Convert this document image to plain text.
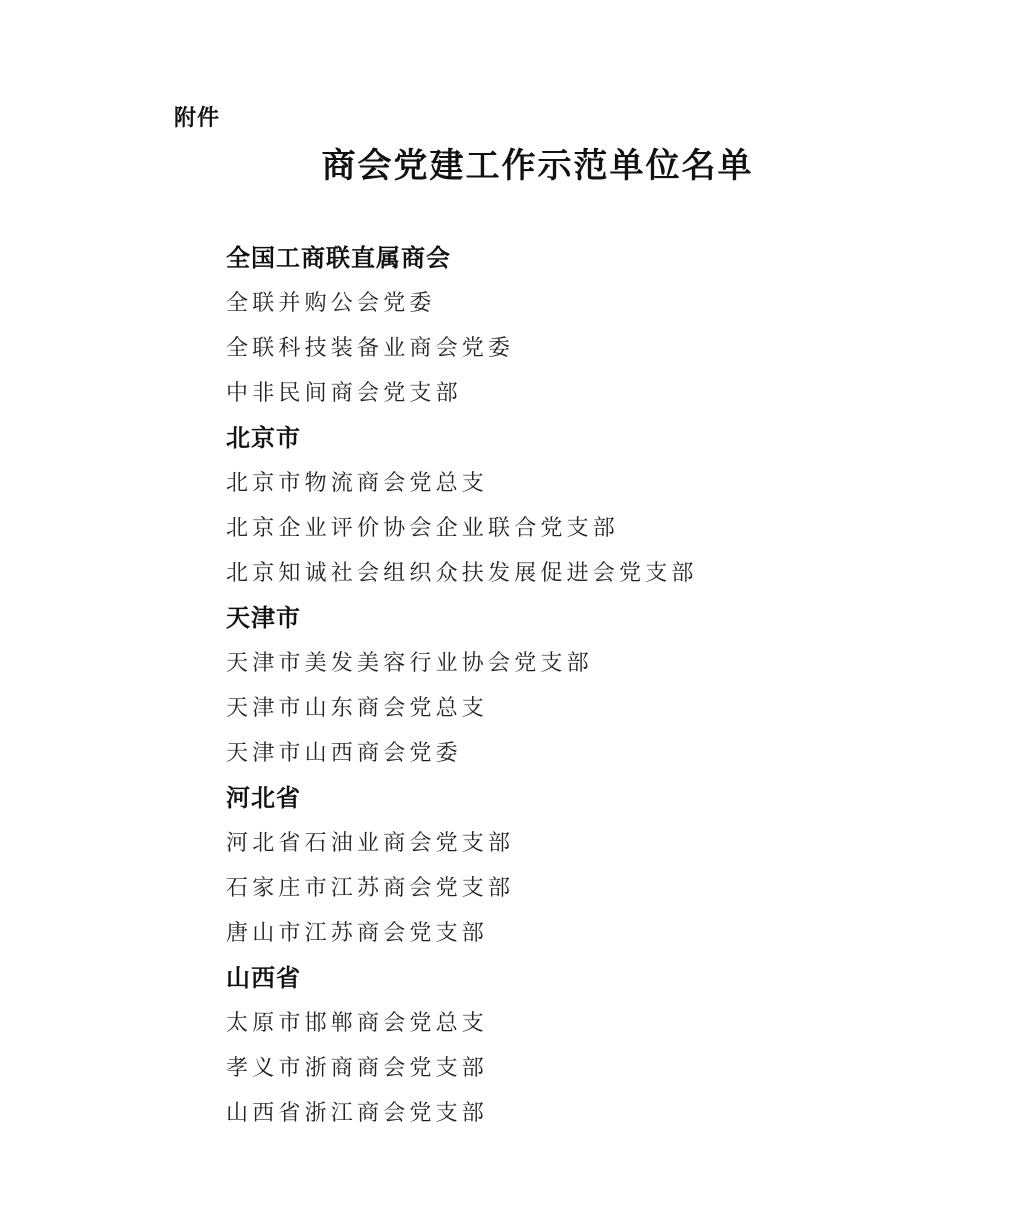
附件
商会党建工作示范单位名单
全国工商联直属商会
全联并购公会党委
全联科技装备业商会党委
中非民间商会党支部
北京市
北京市物流商会党总支
北京企业评价协会企业联合党支部
北京知诚社会组织众扶发展促进会党支部
天津市
天津市美发美容行业协会党支部
天津市山东商会党总支
天津市山西商会党委
河北省
河北省石油业商会党支部
石家庄市江苏商会党支部
唐山市江苏商会党支部
山西省
太原市邯郸商会党总支
孝义市浙商商会党支部
山西省浙江商会党支部
